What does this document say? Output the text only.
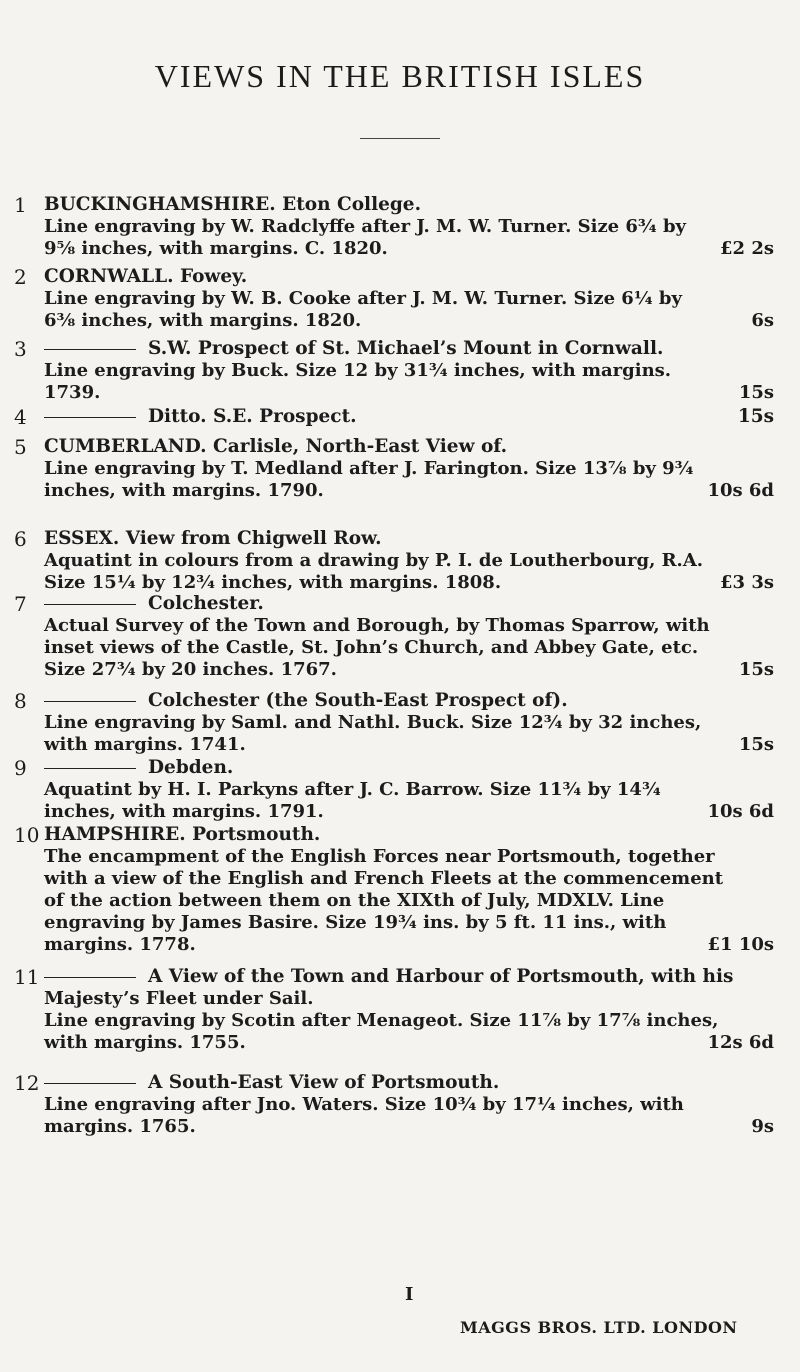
VIEWS IN THE BRITISH ISLES
1 BUCKINGHAMSHIRE. Eton College.
Line engraving by W. Radclyffe after J. M. W. Turner. Size 6¾ by
9⅝ inches, with margins. C. 1820.	£2 2s
2 CORNWALL. Fowey.
Line engraving by W. B. Cooke after J. M. W. Turner. Size 6¼ by
6⅜ inches, with margins. 1820.	6s
3	S.W. Prospect of St. Michael’s Mount in Cornwall.
Line engraving by Buck. Size 12 by 31¾ inches, with margins.
1739.	15s
4	Ditto. S.E. Prospect.	15s
5 CUMBERLAND. Carlisle, North-East View of.
Line engraving by T. Medland after J. Farington. Size 13⅞ by 9¾
inches, with margins. 1790.	10s 6d
6 ESSEX. View from Chigwell Row.
Aquatint in colours from a drawing by P. I. de Loutherbourg, R.A.
Size 15¼ by 12¾ inches, with margins. 1808.	£3 3s
7	Colchester.
Actual Survey of the Town and Borough, by Thomas Sparrow, with
inset views of the Castle, St. John’s Church, and Abbey Gate, etc.
Size 27¾ by 20 inches. 1767.	15s
8	Colchester (the South-East Prospect of).
Line engraving by Saml. and Nathl. Buck. Size 12¾ by 32 inches,
with margins. 1741.	15s
9	Debden.
Aquatint by H. I. Parkyns after J. C. Barrow. Size 11¾ by 14¾
inches, with margins. 1791.	10s 6d
10 HAMPSHIRE. Portsmouth.
The encampment of the English Forces near Portsmouth, together
with a view of the English and French Fleets at the commencement
of the action between them on the XIXth of July, MDXLV. Line
engraving by James Basire. Size 19¾ ins. by 5 ft. 11 ins., with
margins. 1778.	£1 10s
11	A View of the Town and Harbour of Portsmouth, with his
Majesty’s Fleet under Sail.
Line engraving by Scotin after Menageot. Size 11⅞ by 17⅞ inches,
with margins. 1755.	12s 6d
12	A South-East View of Portsmouth.
Line engraving after Jno. Waters. Size 10¾ by 17¼ inches, with
margins. 1765.	9s
I
MAGGS BROS. LTD. LONDON
